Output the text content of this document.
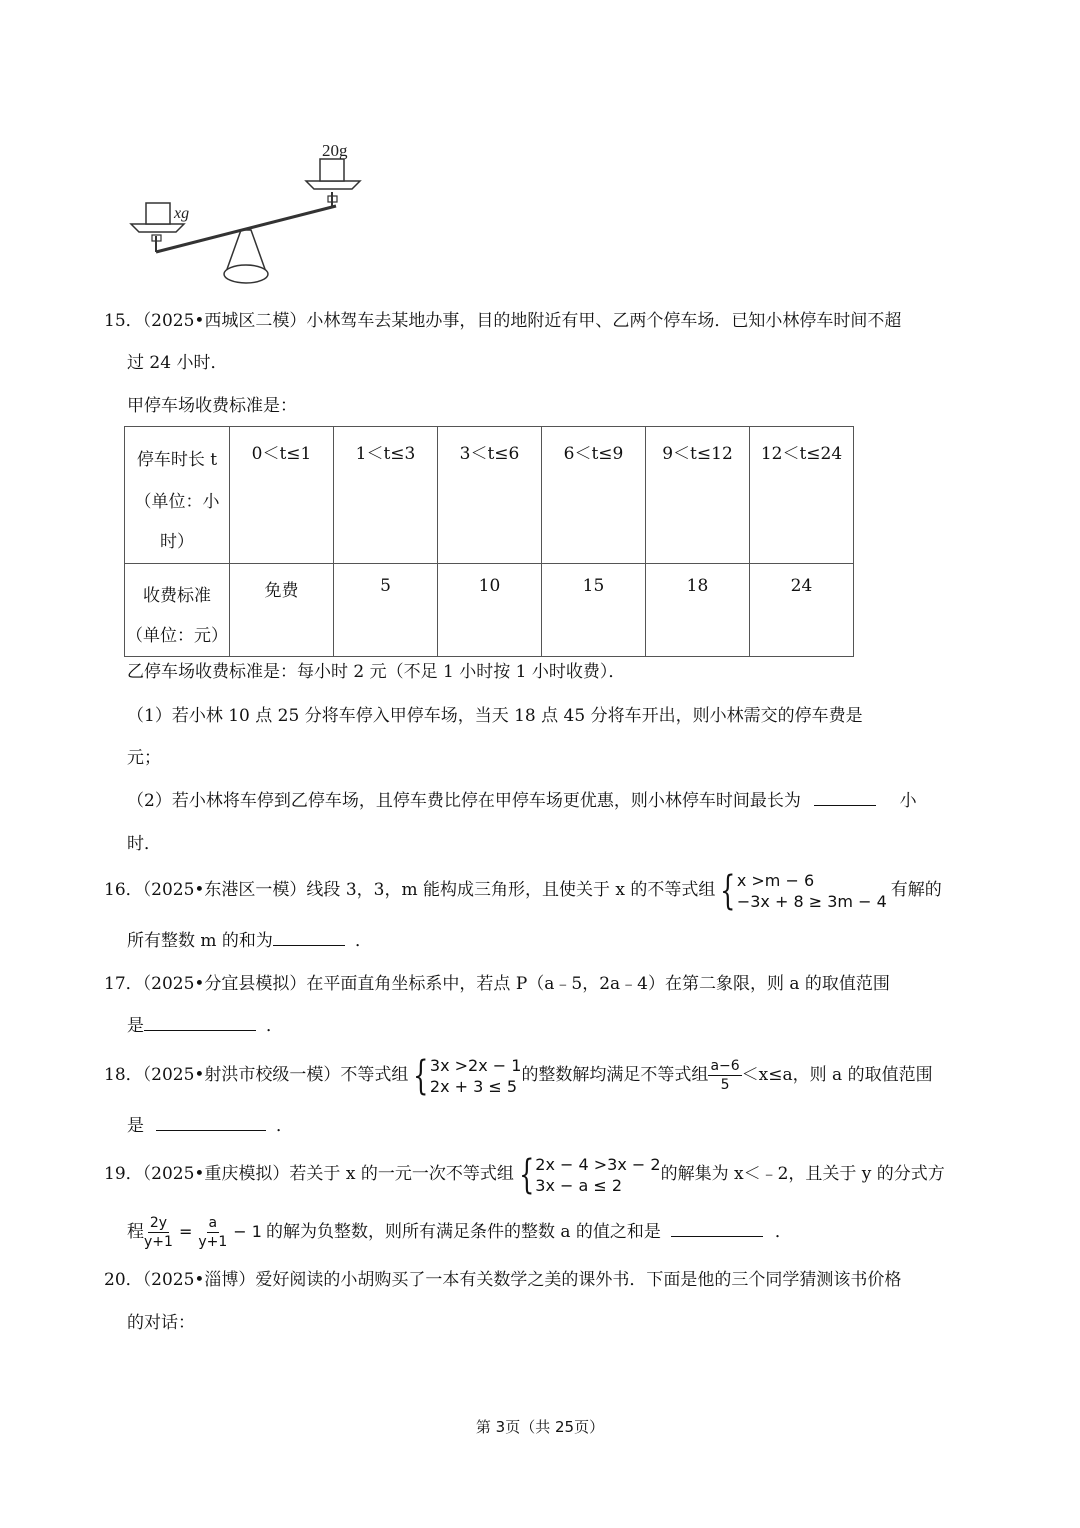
xg
20g
15．（2025•西城区二模）小林驾车去某地办事，目的地附近有甲、乙两个停车场．已知小林停车时间不超
过 24 小时．
甲停车场收费标准是：
停车时长 t
（单位：小
时）	0＜t≤1	1＜t≤3	3＜t≤6	6＜t≤9	9＜t≤12	12＜t≤24

收费标准
（单位：元）	免费	5	10	15	18	24
乙停车场收费标准是：每小时 2 元（不足 1 小时按 1 小时收费）．
（1）若小林 10 点 25 分将车停入甲停车场，当天 18 点 45 分将车开出，则小林需交的停车费是
元；
（2）若小林将车停到乙停车场，且停车费比停在甲停车场更优惠，则小林停车时间最长为	小
时．
16．（2025•东港区一模）线段 3，3，m 能构成三角形，且使关于 x 的不等式组 { x >m − 6
−3x + 8 ≥ 3m − 4
有解的
所有整数 m 的和为	．
17．（2025•分宜县模拟）在平面直角坐标系中，若点 P（a﹣5，2a﹣4）在第二象限，则 a 的取值范围
是	．
18．（2025•射洪市校级一模）不等式组 { 3x >2x − 1
2x + 3 ≤ 5
的整数解均满足不等式组 $\frac{a-6}{5} <x\le a$，则 a 的取值范围
是	．
19．（2025•重庆模拟）若关于 x 的一元一次不等式组 { 2x − 4 >3x − 2
3x − a ≤ 2
的解集为 x＜﹣2，且关于 y 的分式方
程 $\frac{2y}{y+1} = \frac{a}{y+1} - 1$ 的解为负整数，则所有满足条件的整数 a 的值之和是	．
20．（2025•淄博）爱好阅读的小胡购买了一本有关数学之美的课外书．下面是他的三个同学猜测该书价格
的对话：
第 3页（共 25页）
